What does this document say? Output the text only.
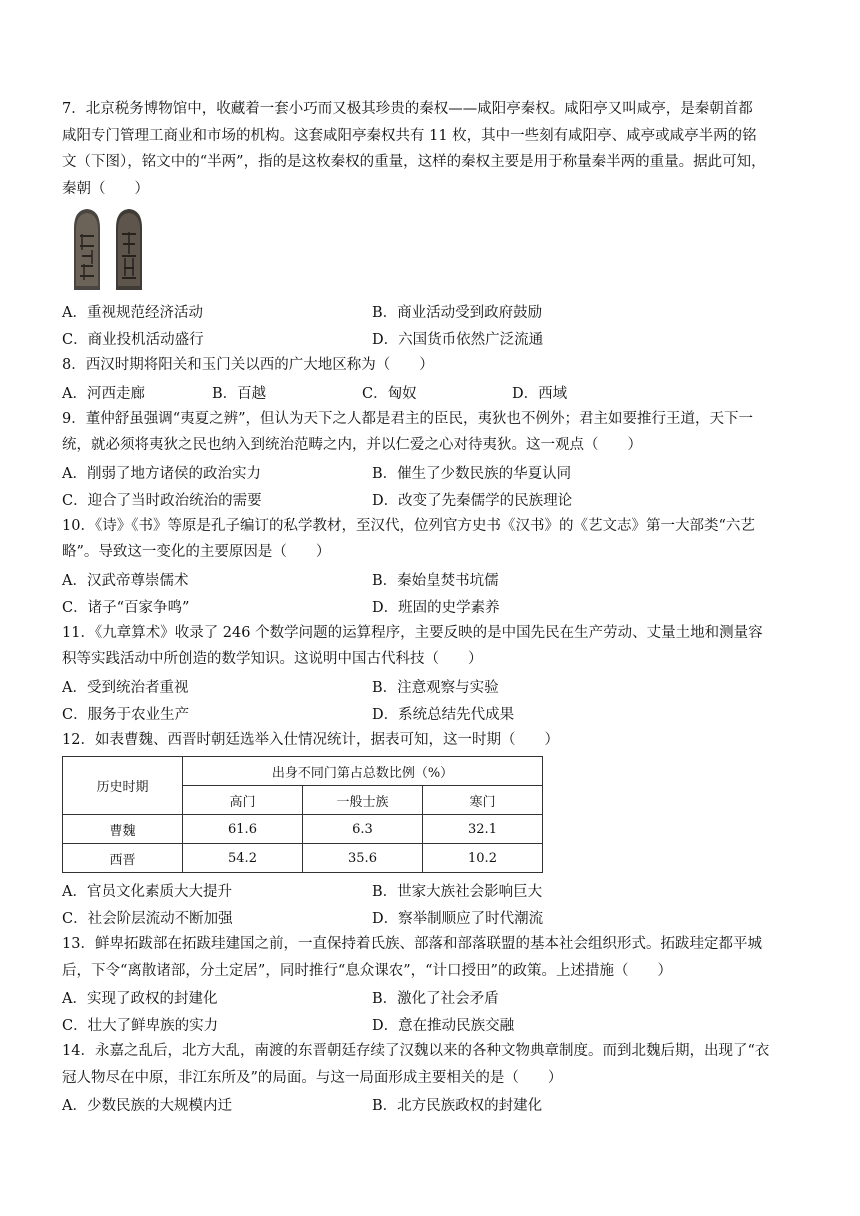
7．北京税务博物馆中，收藏着一套小巧而又极其珍贵的秦权——咸阳亭秦权。咸阳亭又叫咸亭，是秦朝首都

咸阳专门管理工商业和市场的机构。这套咸阳亭秦权共有 11 枚，其中一些刻有咸阳亭、咸亭或咸亭半两的铭

文（下图），铭文中的“半两”，指的是这枚秦权的重量，这样的秦权主要是用于称量秦半两的重量。据此可知，

秦朝（　　）

A．重视规范经济活动	B．商业活动受到政府鼓励
C．商业投机活动盛行	D．六国货币依然广泛流通

8．西汉时期将阳关和玉门关以西的广大地区称为（　　）

A．河西走廊	B．百越	C．匈奴	D．西域

9．董仲舒虽强调“夷夏之辨”，但认为天下之人都是君主的臣民，夷狄也不例外；君主如要推行王道，天下一

统，就必须将夷狄之民也纳入到统治范畴之内，并以仁爱之心对待夷狄。这一观点（　　）

A．削弱了地方诸侯的政治实力	B．催生了少数民族的华夏认同
C．迎合了当时政治统治的需要	D．改变了先秦儒学的民族理论

10．《诗》《书》等原是孔子编订的私学教材，至汉代，位列官方史书《汉书》的《艺文志》第一大部类“六艺

略”。导致这一变化的主要原因是（　　）

A．汉武帝尊崇儒术	B．秦始皇焚书坑儒
C．诸子“百家争鸣”	D．班固的史学素养

11．《九章算术》收录了 246 个数学问题的运算程序，主要反映的是中国先民在生产劳动、丈量土地和测量容

积等实践活动中所创造的数学知识。这说明中国古代科技（　　）

A．受到统治者重视	B．注意观察与实验
C．服务于农业生产	D．系统总结先代成果

12．如表曹魏、西晋时朝廷选举入仕情况统计，据表可知，这一时期（　　）

历史时期	出身不同门第占总数比例（%）		
	高门	一般士族	寒门
曹魏	61.6	6.3	32.1
西晋	54.2	35.6	10.2
A．官员文化素质大大提升	B．世家大族社会影响巨大
C．社会阶层流动不断加强	D．察举制顺应了时代潮流

13．鲜卑拓跋部在拓跋珪建国之前，一直保持着氏族、部落和部落联盟的基本社会组织形式。拓跋珪定都平城

后，下令“离散诸部，分土定居”，同时推行“息众课农”，“计口授田”的政策。上述措施（　　）

A．实现了政权的封建化	B．激化了社会矛盾
C．壮大了鲜卑族的实力	D．意在推动民族交融

14．永嘉之乱后，北方大乱，南渡的东晋朝廷存续了汉魏以来的各种文物典章制度。而到北魏后期，出现了“衣

冠人物尽在中原，非江东所及”的局面。与这一局面形成主要相关的是（　　）

A．少数民族的大规模内迁	B．北方民族政权的封建化
